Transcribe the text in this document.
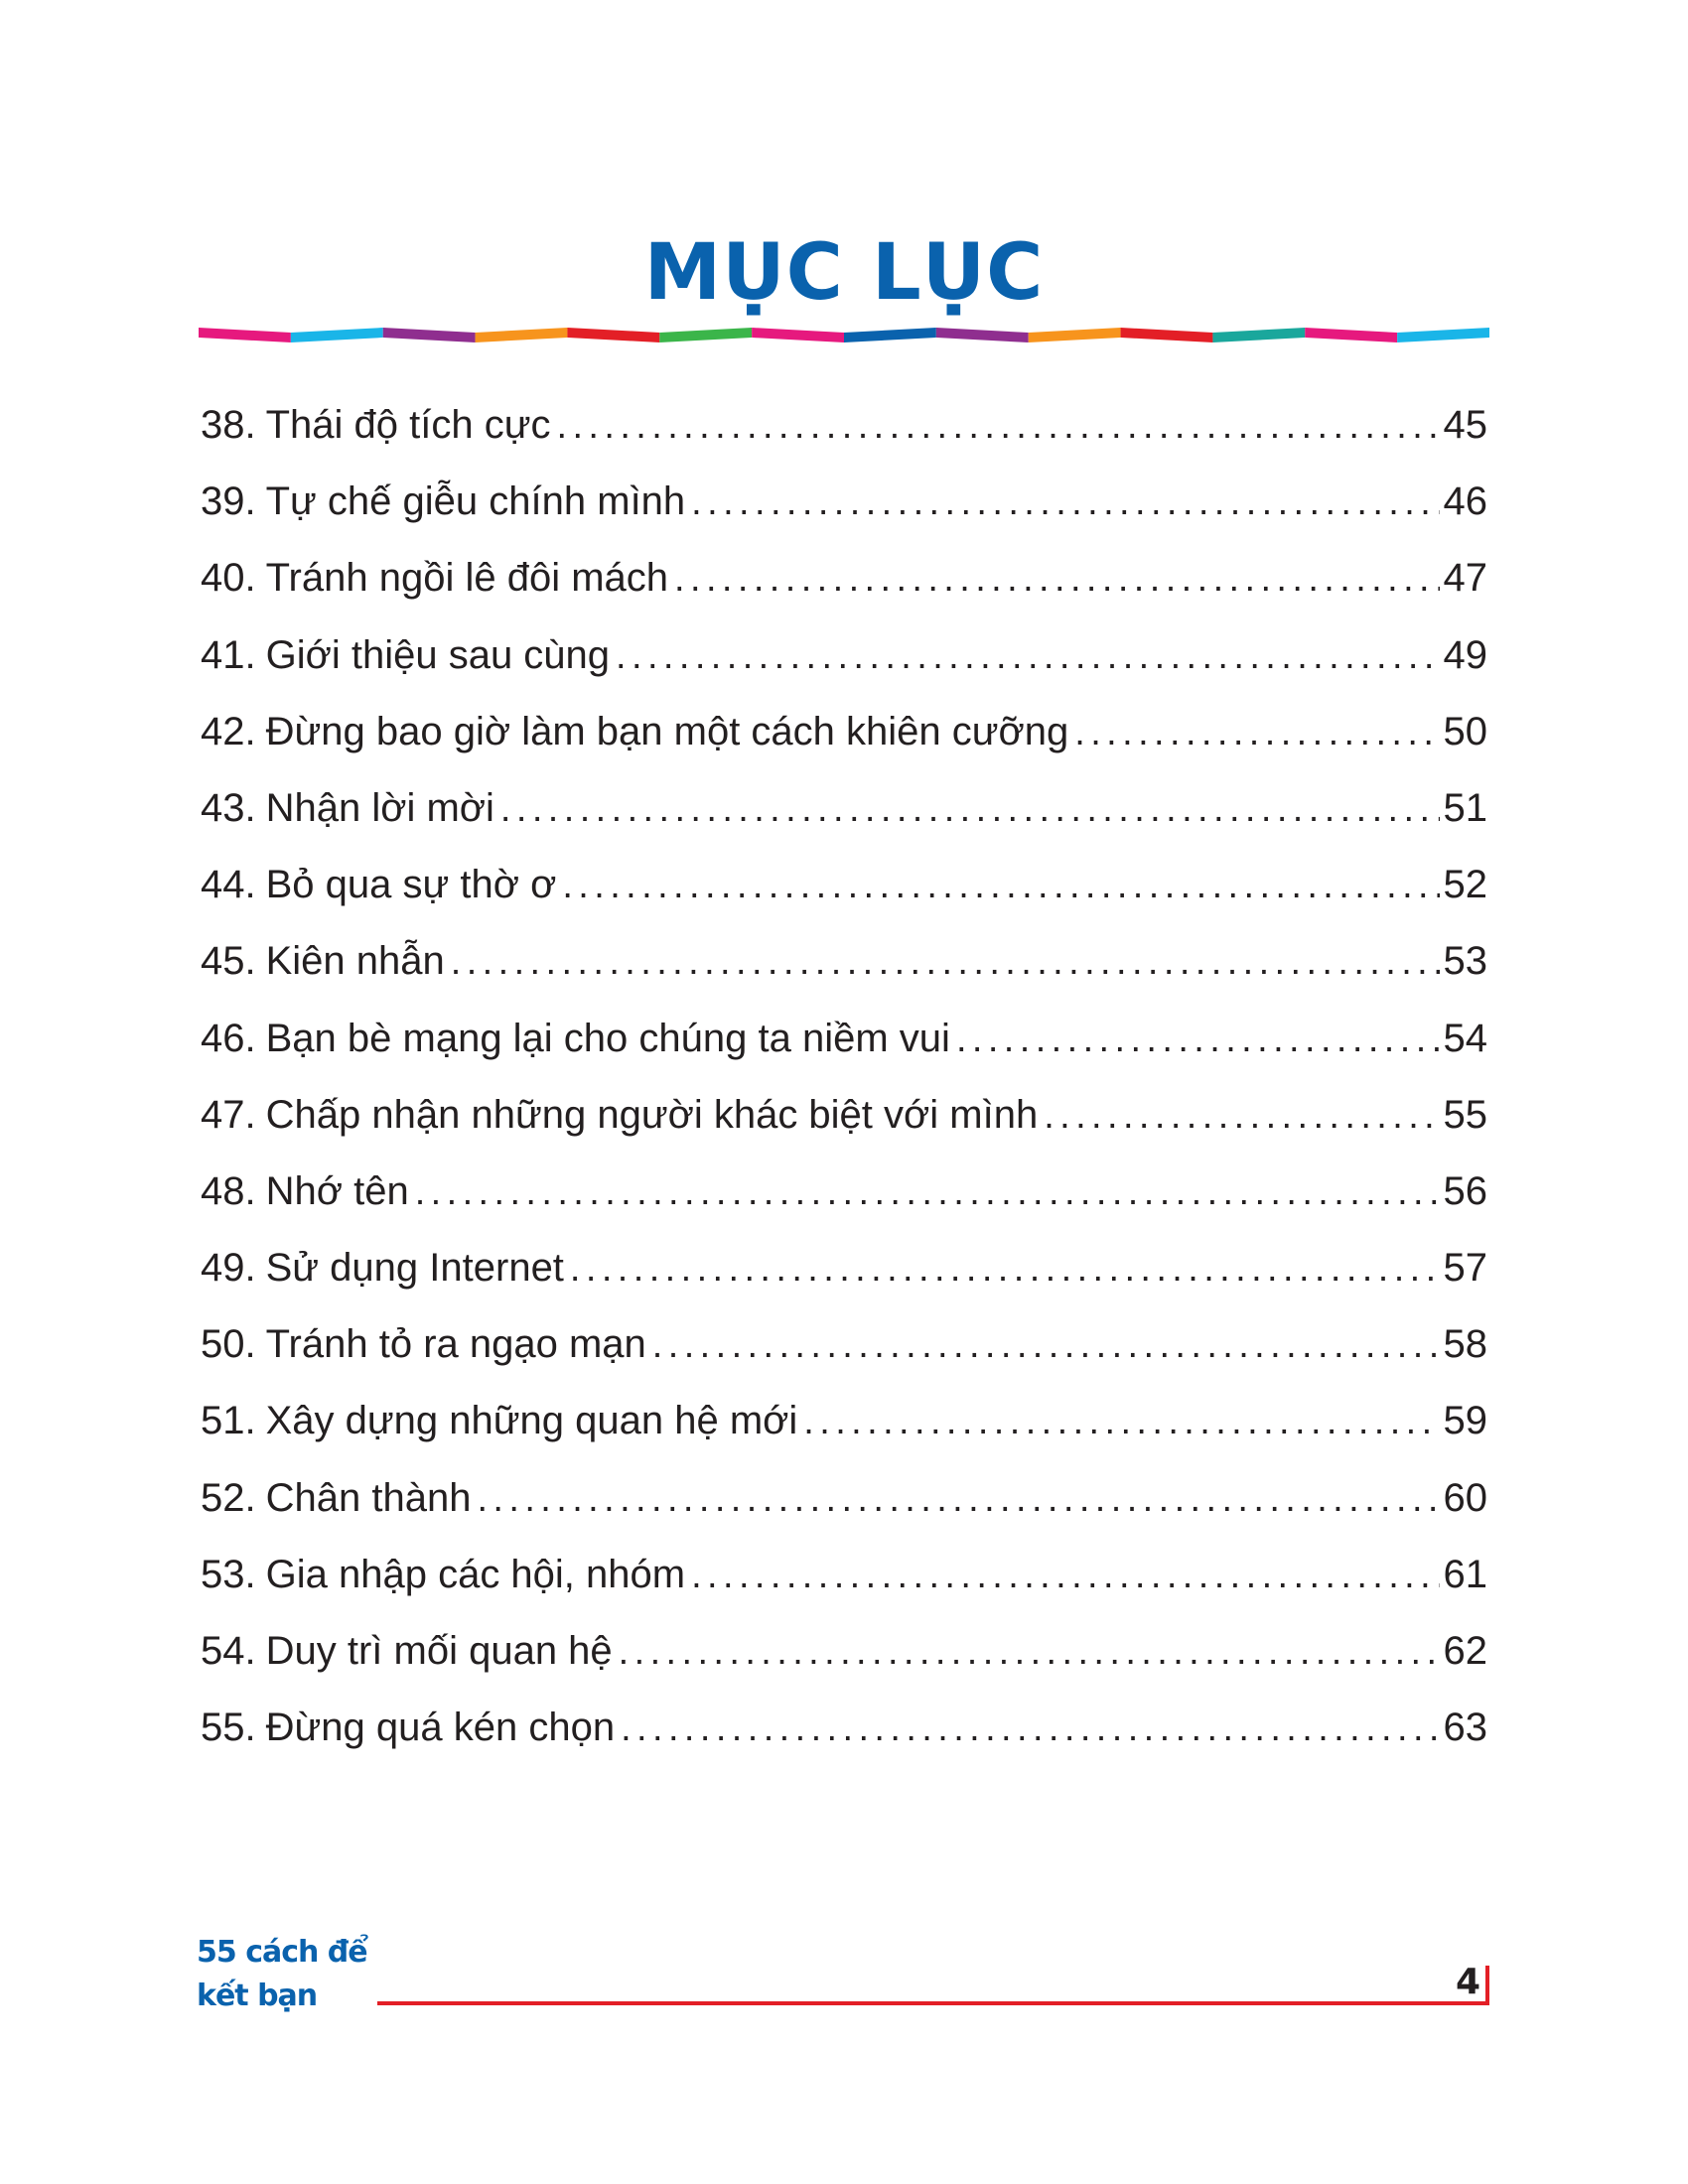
MỤC LỤC
38. Thái độ tích cực .....	45
39. Tự chế giễu chính mình .....	46
40. Tránh ngồi lê đôi mách .....	47
41. Giới thiệu sau cùng .....	49
42. Đừng bao giờ làm bạn một cách khiên cưỡng .....	50
43. Nhận lời mời .....	51
44. Bỏ qua sự thờ ơ .....	52
45. Kiên nhẫn .....	53
46. Bạn bè mạng lại cho chúng ta niềm vui .....	54
47. Chấp nhận những người khác biệt với mình .....	55
48. Nhớ tên .....	56
49. Sử dụng Internet .....	57
50. Tránh tỏ ra ngạo mạn .....	58
51. Xây dựng những quan hệ mới .....	59
52. Chân thành .....	60
53. Gia nhập các hội, nhóm .....	61
54. Duy trì mối quan hệ .....	62
55. Đừng quá kén chọn .....	63
55 cách để
kết bạn	4
